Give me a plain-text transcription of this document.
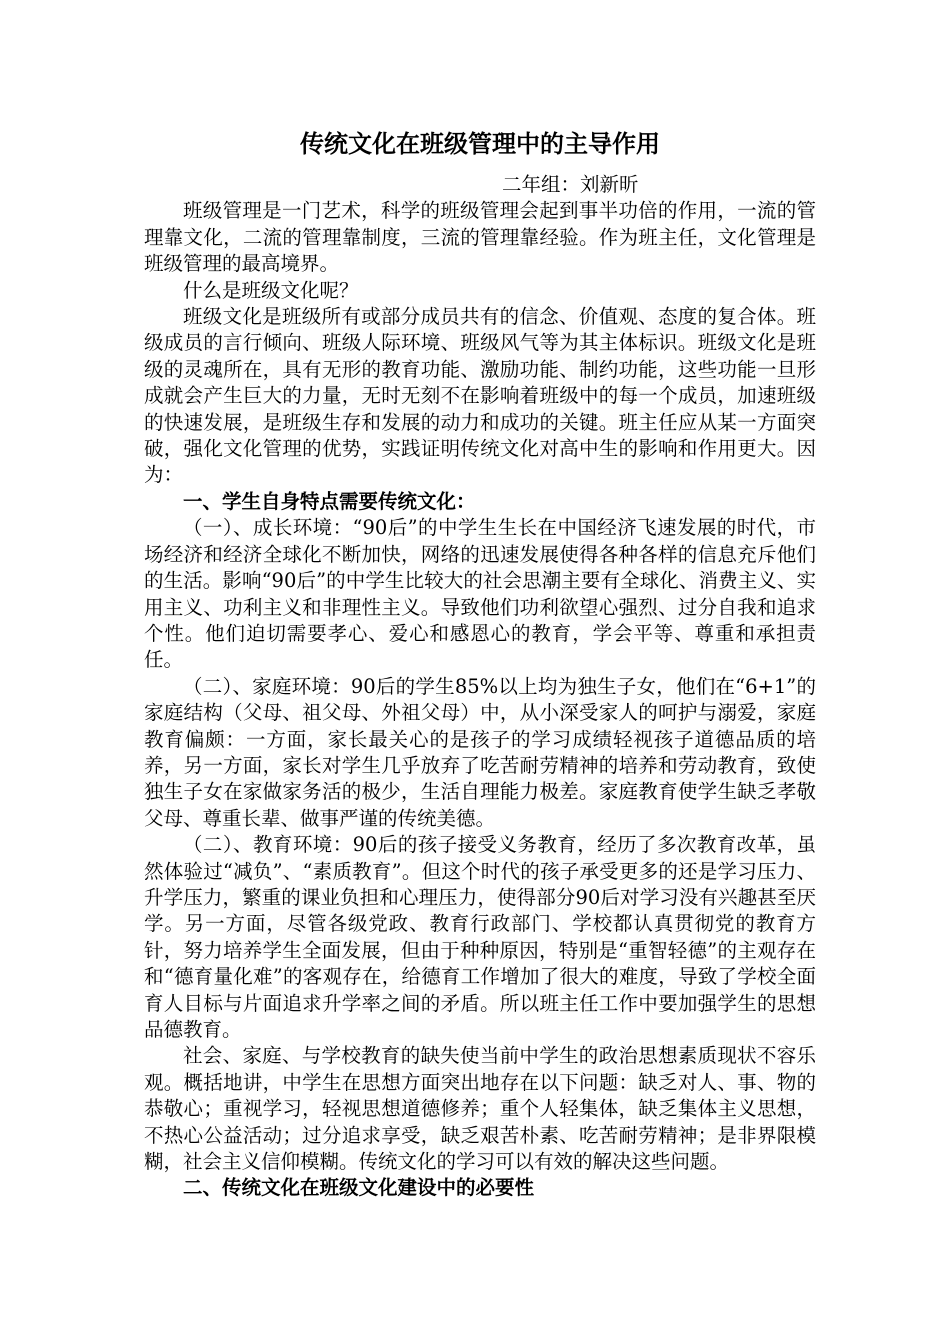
传统文化在班级管理中的主导作用
二年组：刘新昕

班级管理是一门艺术，科学的班级管理会起到事半功倍的作用，一流的管理靠文化，二流的管理靠制度，三流的管理靠经验。作为班主任，文化管理是班级管理的最高境界。

什么是班级文化呢？

班级文化是班级所有或部分成员共有的信念、价值观、态度的复合体。班级成员的言行倾向、班级人际环境、班级风气等为其主体标识。班级文化是班级的灵魂所在，具有无形的教育功能、激励功能、制约功能，这些功能一旦形成就会产生巨大的力量，无时无刻不在影响着班级中的每一个成员，加速班级的快速发展，是班级生存和发展的动力和成功的关键。班主任应从某一方面突破，强化文化管理的优势，实践证明传统文化对高中生的影响和作用更大。因为：

一、学生自身特点需要传统文化：

（一）、成长环境：“90后”的中学生生长在中国经济飞速发展的时代，市场经济和经济全球化不断加快，网络的迅速发展使得各种各样的信息充斥他们的生活。影响“90后”的中学生比较大的社会思潮主要有全球化、消费主义、实用主义、功利主义和非理性主义。导致他们功利欲望心强烈、过分自我和追求个性。他们迫切需要孝心、爱心和感恩心的教育，学会平等、尊重和承担责任。

（二）、家庭环境：90后的学生85%以上均为独生子女，他们在“6+1”的家庭结构（父母、祖父母、外祖父母）中，从小深受家人的呵护与溺爱，家庭教育偏颇：一方面，家长最关心的是孩子的学习成绩轻视孩子道德品质的培养，另一方面，家长对学生几乎放弃了吃苦耐劳精神的培养和劳动教育，致使独生子女在家做家务活的极少，生活自理能力极差。家庭教育使学生缺乏孝敬父母、尊重长辈、做事严谨的传统美德。

（二）、教育环境：90后的孩子接受义务教育，经历了多次教育改革，虽然体验过“减负”、“素质教育”。但这个时代的孩子承受更多的还是学习压力、升学压力，繁重的课业负担和心理压力，使得部分90后对学习没有兴趣甚至厌学。另一方面，尽管各级党政、教育行政部门、学校都认真贯彻党的教育方针，努力培养学生全面发展，但由于种种原因，特别是“重智轻德”的主观存在和“德育量化难”的客观存在，给德育工作增加了很大的难度，导致了学校全面育人目标与片面追求升学率之间的矛盾。所以班主任工作中要加强学生的思想品德教育。

社会、家庭、与学校教育的缺失使当前中学生的政治思想素质现状不容乐观。概括地讲，中学生在思想方面突出地存在以下问题：缺乏对人、事、物的恭敬心；重视学习，轻视思想道德修养；重个人轻集体，缺乏集体主义思想，不热心公益活动；过分追求享受，缺乏艰苦朴素、吃苦耐劳精神；是非界限模糊，社会主义信仰模糊。传统文化的学习可以有效的解决这些问题。

二、传统文化在班级文化建设中的必要性
